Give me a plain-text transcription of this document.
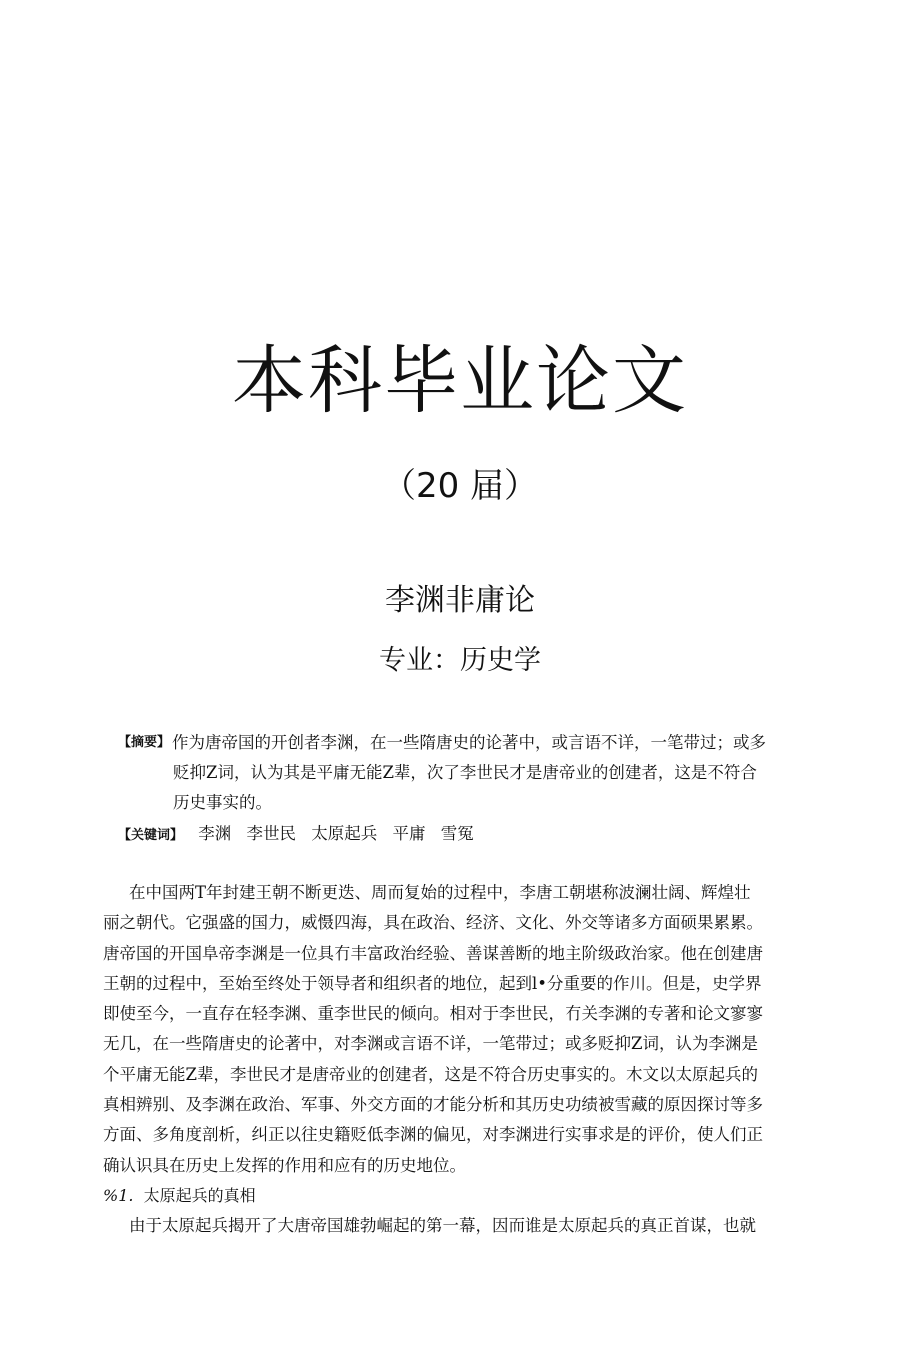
本科毕业论文
（20 届）
李渊非庸论
专业：历史学
【摘要】 作为唐帝国的开创者李渊，在一些隋唐史的论著中，或言语不详，一笔带过；或多
贬抑Z词，认为其是平庸无能Z辈，次了李世民才是唐帝业的创建者，这是不符合
历史事实的。
【关键词】 李渊 李世民 太原起兵 平庸 雪冤
在中国两T年封建王朝不断更迭、周而复始的过程中，李唐工朝堪称波澜壮阔、辉煌壮
丽之朝代。它强盛的国力，威慑四海，具在政治、经济、文化、外交等诸多方面硕果累累。
唐帝国的开国阜帝李渊是一位具冇丰富政治经验、善谋善断的地主阶级政治家。他在创建唐
王朝的过程中，至始至终处于领导者和组织者的地位，起到l•分重要的作川。但是，史学界
即使至今，一直存在轻李渊、重李世民的倾向。相对于李世民，冇关李渊的专著和论文寥寥
无几，在一些隋唐史的论著中，对李渊或言语不详，一笔带过；或多贬抑Z词，认为李渊是
个平庸无能Z辈，李世民才是唐帝业的创建者，这是不符合历史事实的。木文以太原起兵的
真相辨别、及李渊在政治、军事、外交方面的才能分析和其历史功绩被雪藏的原因探讨等多
方面、多角度剖析，纠正以往史籍贬低李渊的偏见，对李渊进行实事求是的评价，使人们正
确认识具在历史上发挥的作用和应有的历史地位。
%1. 太原起兵的真相
由于太原起兵揭开了大唐帝国雄勃崛起的第一幕，因而谁是太原起兵的真正首谋，也就
